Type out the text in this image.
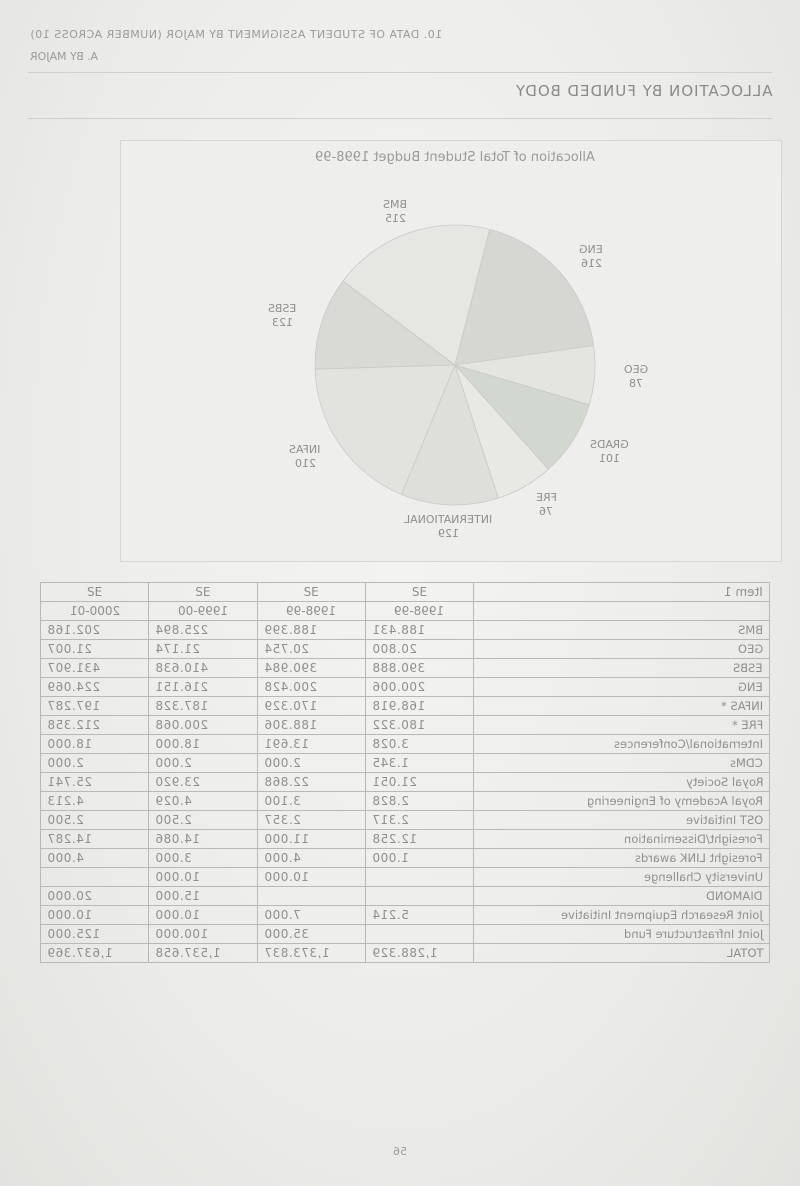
10. DATA OF STUDENT ASSIGNMENT BY MAJOR (NUMBER ACROSS 10)
A. BY MAJOR
ALLOCATION BY FUNDED BODY
Allocation of Total Student Budget 1998-99
ENG
216
GEO
78
GRADS
101
FRE
76
INTERNATIONAL
129
INFAS
210
ESBS
123
BMS
215
SE	SE	SE	SE	Item 1
2000-01	1999-00	1998-99	1998-99	
202.168	225.894	188.399	188.431	BMS
21.007	21.174	20.754	20.800	GEO
431.907	410.638	390.984	390.888	ESBS
224.069	216.151	200.428	200.006	ENG
197.287	187.328	170.329	168.918	INFAS *
212.358	200.068	188.306	180.322	FRE *
18.000	18.000	13.691	3.028	International/Conferences
2.000	2.000	2.000	1.345	CDMs
25.741	23.920	22.868	21.051	Royal Society
4.213	4.029	3.100	2.828	Royal Academy of Engineering
2.500	2.500	2.357	2.317	OST Initiative
14.287	14.086	11.000	12.258	Foresight/Dissemination
4.000	3.000	4.000	1.000	Foresight LINK awards
	10.000	10.000		University Challenge
20.000	15.000			DIAMOND
10.000	10.000	7.000	5.214	Joint Research Equipment Initiative
125.000	100.000	35.000		Joint Infrastructure Fund
1,637.369	1,537.658	1,373.837	1,288.329	TOTAL
56
